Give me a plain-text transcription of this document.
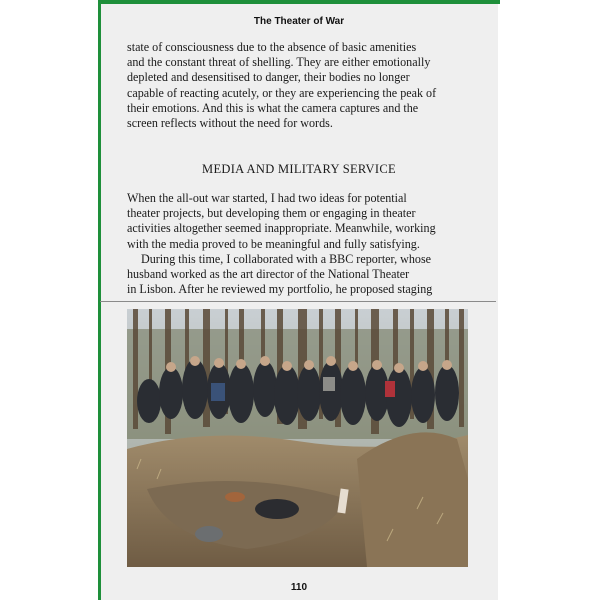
The Theater of War
state of consciousness due to the absence of basic amenities
and the constant threat of shelling. They are either emotionally
depleted and desensitised to danger, their bodies no longer
capable of reacting acutely, or they are experiencing the peak of
their emotions. And this is what the camera captures and the
screen reflects without the need for words.
MEDIA AND MILITARY SERVICE
When the all-out war started, I had two ideas for potential
theater projects, but developing them or engaging in theater
activities altogether seemed inappropriate. Meanwhile, working
with the media proved to be meaningful and fully satisfying.
During this time, I collaborated with a BBC reporter, whose
husband worked as the art director of the National Theater
in Lisbon. After he reviewed my portfolio, he proposed staging
110
